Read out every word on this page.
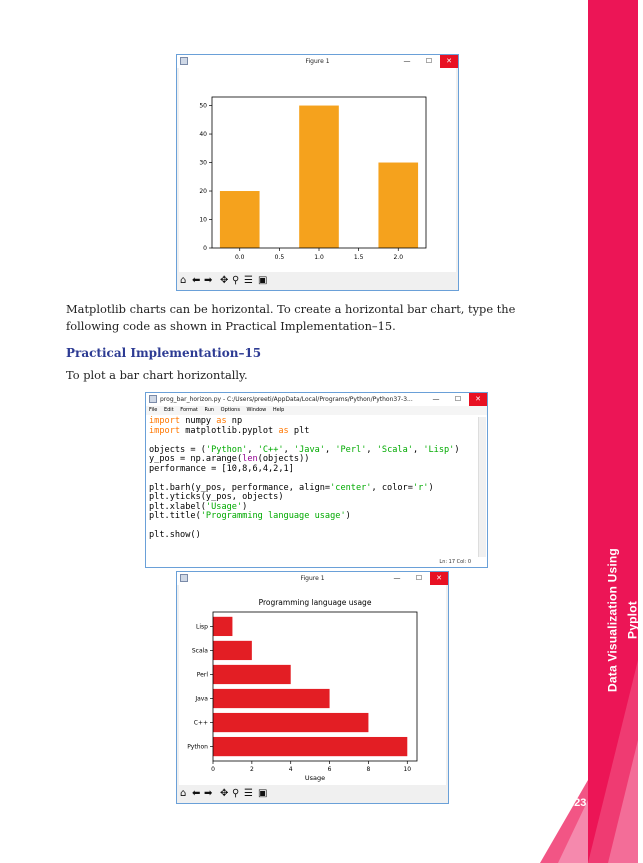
Figure 1	—	☐	✕
0
10
20
30
40
50
0.0	0.5	1.0	1.5	2.0
⌂ ⬅ ➡ ✥ ⚲ ☰ ▣
Matplotlib charts can be horizontal. To create a horizontal bar chart, type the following code as shown in Practical Implementation–15.
Practical Implementation–15
To plot a bar chart horizontally.
prog_bar_horizon.py - C:/Users/preeti/AppData/Local/Programs/Python/Python37-3...	—	☐	✕
File Edit Format Run Options Window Help
import numpy as np
import matplotlib.pyplot as plt

objects = ('Python', 'C++', 'Java', 'Perl', 'Scala', 'Lisp')
y_pos = np.arange(len(objects))
performance = [10,8,6,4,2,1]

plt.barh(y_pos, performance, align='center', color='r')
plt.yticks(y_pos, objects)
plt.xlabel('Usage')
plt.title('Programming language usage')

plt.show()
Ln: 17 Col: 0
Figure 1	—	☐	✕
Programming language usage
Python
C++
Java
Perl
Scala
Lisp
0	2	4	6	8	10
Usage
⌂ ⬅ ➡ ✥ ⚲ ☰ ▣
Data Visualization Using Pyplot
2.23
